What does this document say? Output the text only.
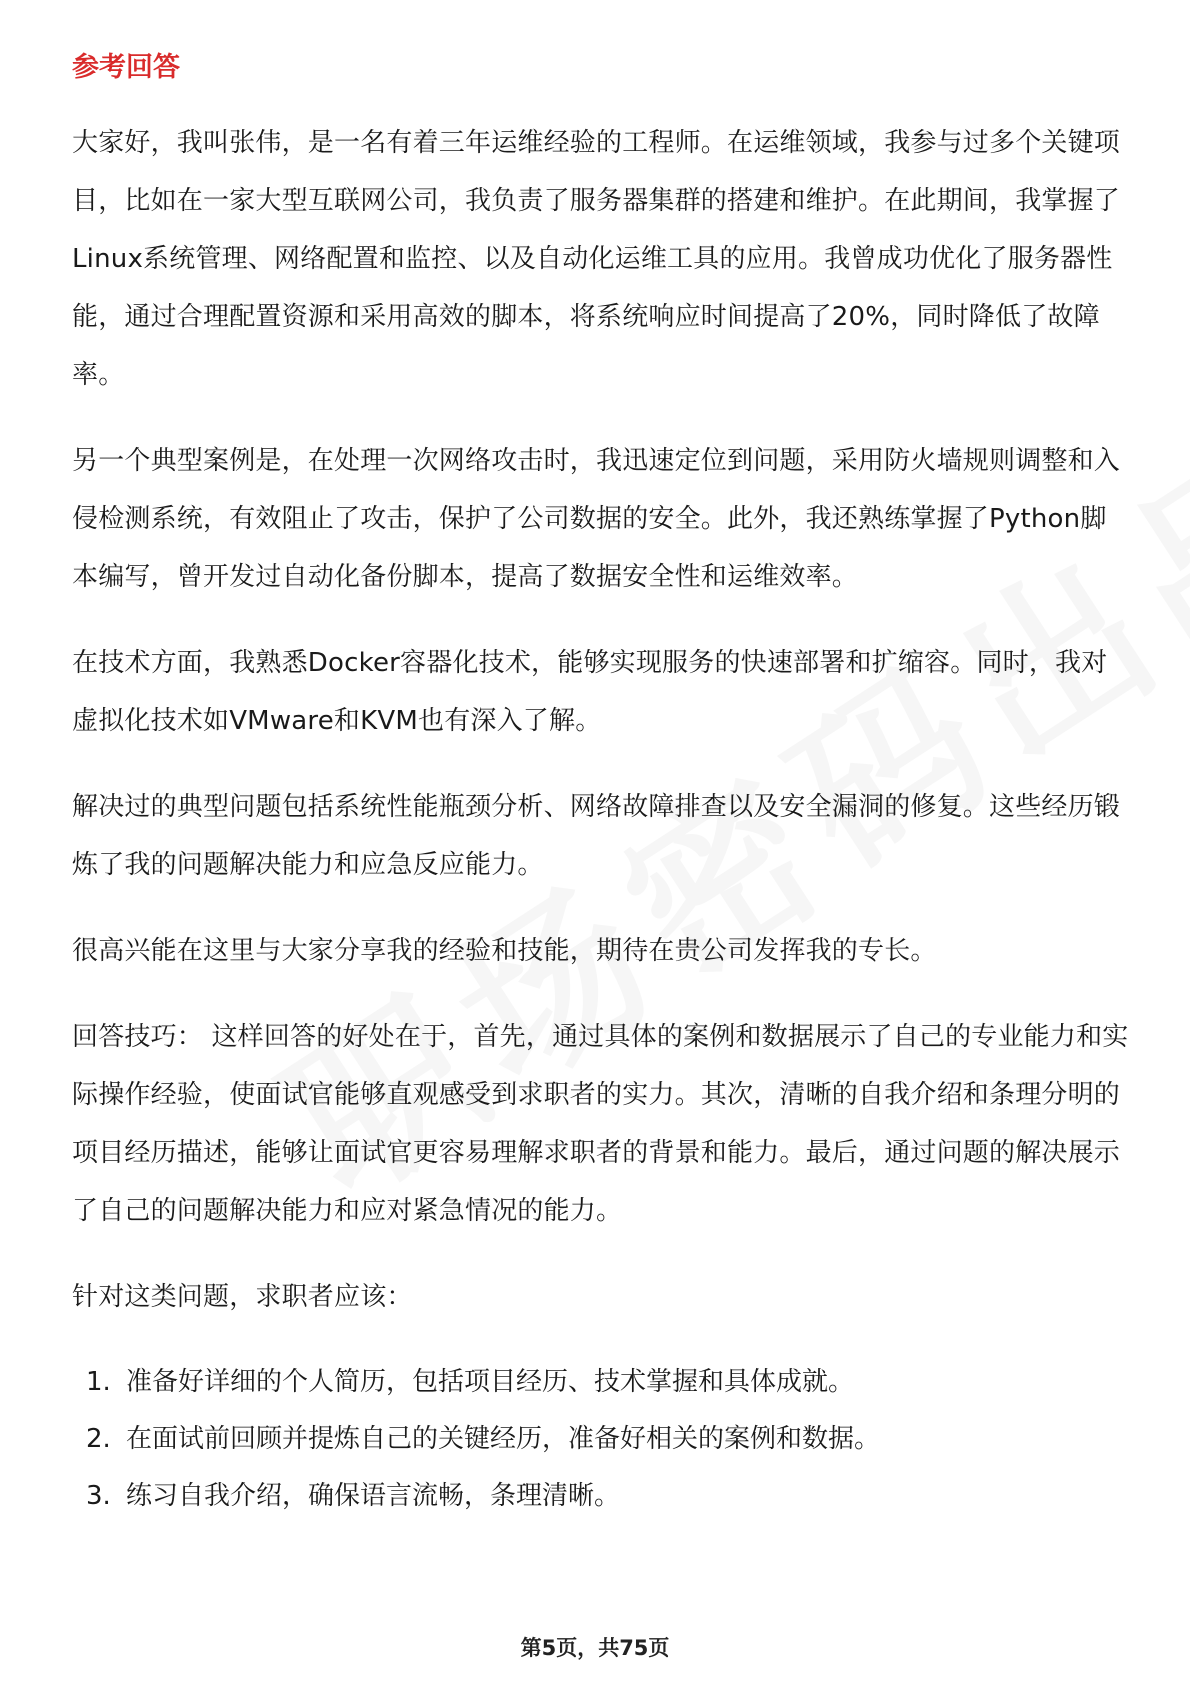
参考回答

大家好，我叫张伟，是一名有着三年运维经验的工程师。在运维领域，我参与过多个关键项目，比如在一家大型互联网公司，我负责了服务器集群的搭建和维护。在此期间，我掌握了Linux系统管理、网络配置和监控、以及自动化运维工具的应用。我曾成功优化了服务器性能，通过合理配置资源和采用高效的脚本，将系统响应时间提高了20%，同时降低了故障率。

另一个典型案例是，在处理一次网络攻击时，我迅速定位到问题，采用防火墙规则调整和入侵检测系统，有效阻止了攻击，保护了公司数据的安全。此外，我还熟练掌握了Python脚本编写，曾开发过自动化备份脚本，提高了数据安全性和运维效率。

在技术方面，我熟悉Docker容器化技术，能够实现服务的快速部署和扩缩容。同时，我对虚拟化技术如VMware和KVM也有深入了解。

解决过的典型问题包括系统性能瓶颈分析、网络故障排查以及安全漏洞的修复。这些经历锻炼了我的问题解决能力和应急反应能力。

很高兴能在这里与大家分享我的经验和技能，期待在贵公司发挥我的专长。

回答技巧： 这样回答的好处在于，首先，通过具体的案例和数据展示了自己的专业能力和实际操作经验，使面试官能够直观感受到求职者的实力。其次，清晰的自我介绍和条理分明的项目经历描述，能够让面试官更容易理解求职者的背景和能力。最后，通过问题的解决展示了自己的问题解决能力和应对紧急情况的能力。

针对这类问题，求职者应该：

1. 准备好详细的个人简历，包括项目经历、技术掌握和具体成就。
2. 在面试前回顾并提炼自己的关键经历，准备好相关的案例和数据。
3. 练习自我介绍，确保语言流畅，条理清晰。
第5页，共75页
